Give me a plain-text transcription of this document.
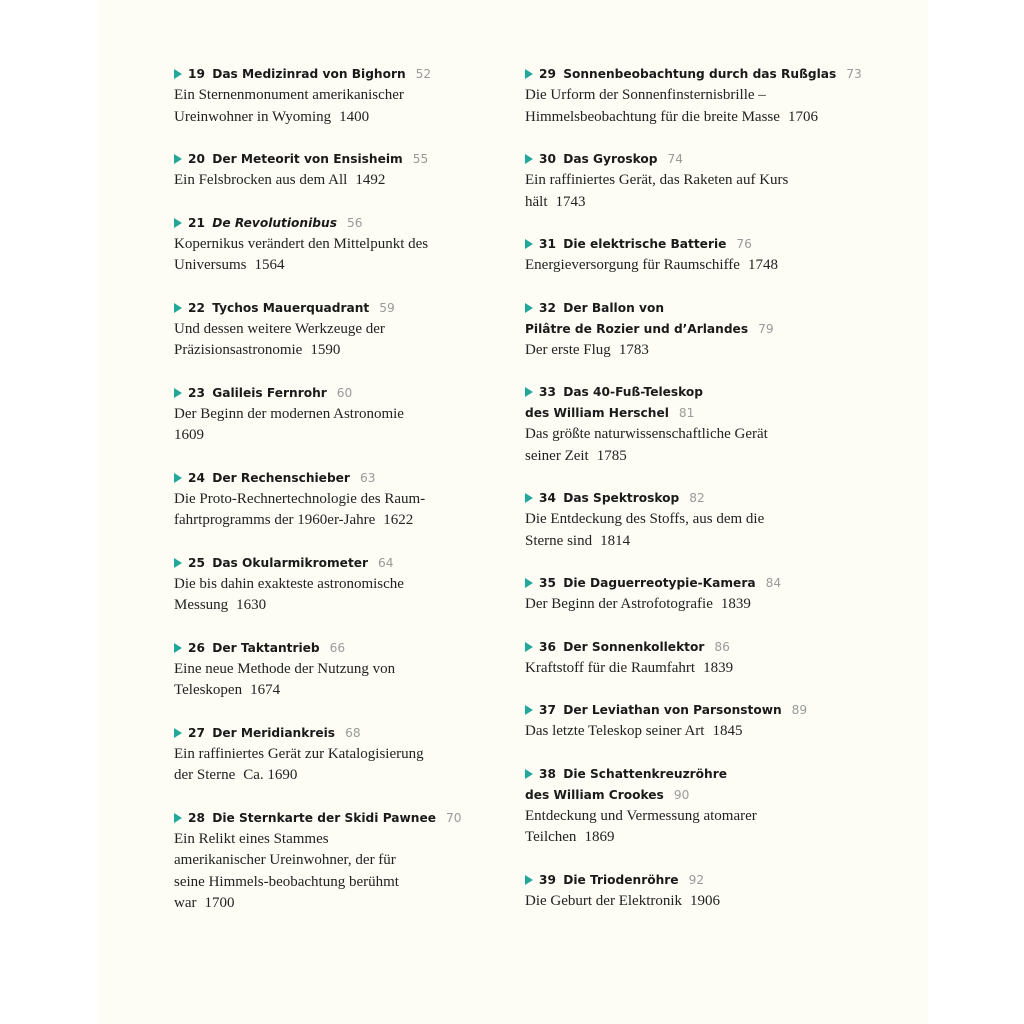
19 Das Medizinrad von Bighorn 52
Ein Sternenmonument amerikanischer Ureinwohner in Wyoming 1400
20 Der Meteorit von Ensisheim 55
Ein Felsbrocken aus dem All 1492
21 De Revolutionibus 56
Kopernikus verändert den Mittelpunkt des Universums 1564
22 Tychos Mauerquadrant 59
Und dessen weitere Werkzeuge der Präzisionsastronomie 1590
23 Galileis Fernrohr 60
Der Beginn der modernen Astronomie
1609
24 Der Rechenschieber 63
Die Proto-Rechnertechnologie des Raum-fahrtprogramms der 1960er-Jahre 1622
25 Das Okularmikrometer 64
Die bis dahin exakteste astronomische Messung 1630
26 Der Taktantrieb 66
Eine neue Methode der Nutzung von Teleskopen 1674
27 Der Meridiankreis 68
Ein raffiniertes Gerät zur Katalogisierung der Sterne Ca. 1690
28 Die Sternkarte der Skidi Pawnee 70
Ein Relikt eines Stammes amerikanischer Ureinwohner, der für seine Himmels-beobachtung berühmt war 1700
29 Sonnenbeobachtung durch das Rußglas 73
Die Urform der Sonnenfinsternisbrille – Himmelsbeobachtung für die breite Masse 1706
30 Das Gyroskop 74
Ein raffiniertes Gerät, das Raketen auf Kurs hält 1743
31 Die elektrische Batterie 76
Energieversorgung für Raumschiffe 1748
32 Der Ballon von
Pilâtre de Rozier und d’Arlandes 79
Der erste Flug 1783
33 Das 40-Fuß-Teleskop
des William Herschel 81
Das größte naturwissenschaftliche Gerät seiner Zeit 1785
34 Das Spektroskop 82
Die Entdeckung des Stoffs, aus dem die Sterne sind 1814
35 Die Daguerreotypie-Kamera 84
Der Beginn der Astrofotografie 1839
36 Der Sonnenkollektor 86
Kraftstoff für die Raumfahrt 1839
37 Der Leviathan von Parsonstown 89
Das letzte Teleskop seiner Art 1845
38 Die Schattenkreuzröhre
des William Crookes 90
Entdeckung und Vermessung atomarer Teilchen 1869
39 Die Triodenröhre 92
Die Geburt der Elektronik 1906
